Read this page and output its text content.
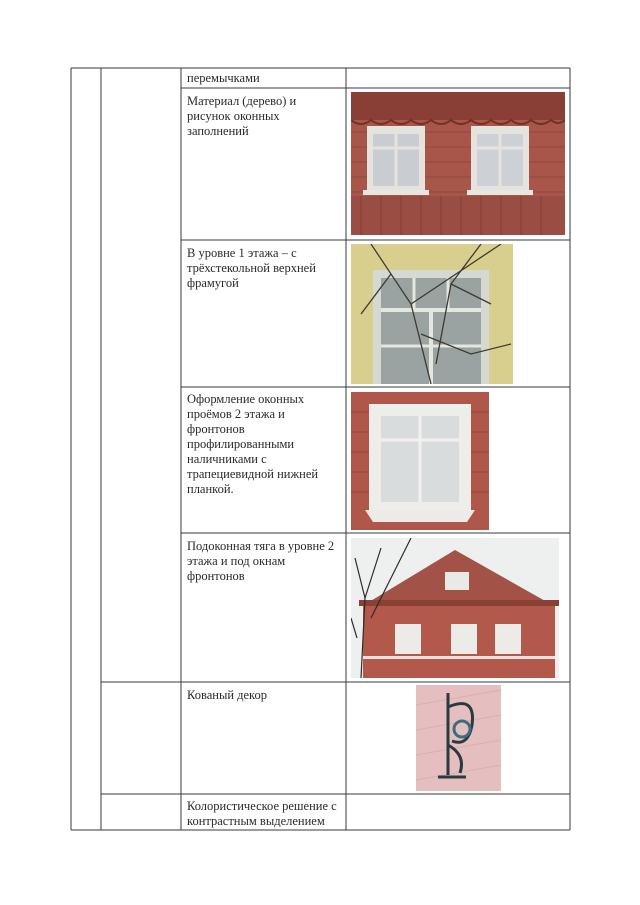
перемычками
Материал (дерево) и рисунок оконных заполнений
В уровне 1 этажа – с трёхстекольной верхней фрамугой
Оформление оконных проёмов 2 этажа и фронтонов профилированными наличниками с трапециевидной нижней планкой.
Подоконная тяга в уровне 2 этажа и под окнам фронтонов
Кованый декор
Колористическое решение с контрастным выделением
